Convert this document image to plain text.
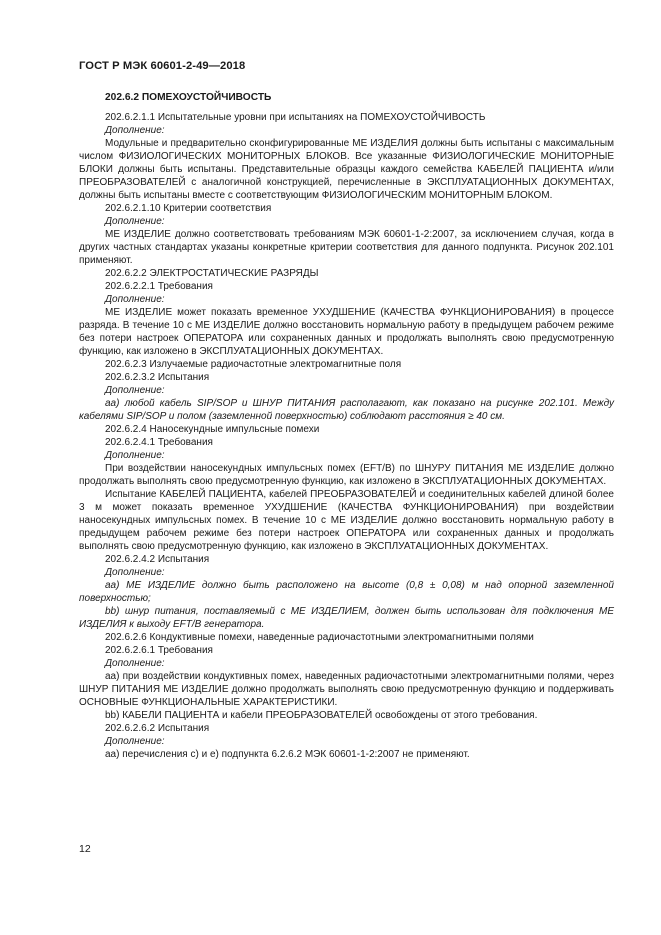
ГОСТ Р МЭК 60601-2-49—2018
202.6.2 ПОМЕХОУСТОЙЧИВОСТЬ

202.6.2.1.1 Испытательные уровни при испытаниях на ПОМЕХОУСТОЙЧИВОСТЬ

Дополнение:

Модульные и предварительно сконфигурированные МЕ ИЗДЕЛИЯ должны быть испытаны с максимальным числом ФИЗИОЛОГИЧЕСКИХ МОНИТОРНЫХ БЛОКОВ. Все указанные ФИЗИОЛОГИЧЕСКИЕ МОНИТОРНЫЕ БЛОКИ должны быть испытаны. Представительные образцы каждого семейства КАБЕЛЕЙ ПАЦИЕНТА и/или ПРЕОБРАЗОВАТЕЛЕЙ с аналогичной конструкцией, перечисленные в ЭКСПЛУАТАЦИОННЫХ ДОКУМЕНТАХ, должны быть испытаны вместе с соответствующим ФИЗИОЛОГИЧЕСКИМ МОНИТОРНЫМ БЛОКОМ.

202.6.2.1.10 Критерии соответствия

Дополнение:

МЕ ИЗДЕЛИЕ должно соответствовать требованиям МЭК 60601-1-2:2007, за исключением случая, когда в других частных стандартах указаны конкретные критерии соответствия для данного подпункта. Рисунок 202.101 применяют.

202.6.2.2 ЭЛЕКТРОСТАТИЧЕСКИЕ РАЗРЯДЫ

202.6.2.2.1 Требования

Дополнение:

МЕ ИЗДЕЛИЕ может показать временное УХУДШЕНИЕ (КАЧЕСТВА ФУНКЦИОНИРОВАНИЯ) в процессе разряда. В течение 10 с МЕ ИЗДЕЛИЕ должно восстановить нормальную работу в предыдущем рабочем режиме без потери настроек ОПЕРАТОРА или сохраненных данных и продолжать выполнять свою предусмотренную функцию, как изложено в ЭКСПЛУАТАЦИОННЫХ ДОКУМЕНТАХ.

202.6.2.3 Излучаемые радиочастотные электромагнитные поля

202.6.2.3.2 Испытания

Дополнение:

аа) любой кабель SIP/SOP и ШНУР ПИТАНИЯ располагают, как показано на рисунке 202.101. Между кабелями SIP/SOP и полом (заземленной поверхностью) соблюдают расстояния ≥ 40 см.

202.6.2.4 Наносекундные импульсные помехи

202.6.2.4.1 Требования

Дополнение:

При воздействии наносекундных импульсных помех (EFT/B) по ШНУРУ ПИТАНИЯ МЕ ИЗДЕЛИЕ должно продолжать выполнять свою предусмотренную функцию, как изложено в ЭКСПЛУАТАЦИОННЫХ ДОКУМЕНТАХ.

Испытание КАБЕЛЕЙ ПАЦИЕНТА, кабелей ПРЕОБРАЗОВАТЕЛЕЙ и соединительных кабелей длиной более 3 м может показать временное УХУДШЕНИЕ (КАЧЕСТВА ФУНКЦИОНИРОВАНИЯ) при воздействии наносекундных импульсных помех. В течение 10 с МЕ ИЗДЕЛИЕ должно восстановить нормальную работу в предыдущем рабочем режиме без потери настроек ОПЕРАТОРА или сохраненных данных и продолжать выполнять свою предусмотренную функцию, как изложено в ЭКСПЛУАТАЦИОННЫХ ДОКУМЕНТАХ.

202.6.2.4.2 Испытания

Дополнение:

аа) МЕ ИЗДЕЛИЕ должно быть расположено на высоте (0,8 ± 0,08) м над опорной заземленной поверхностью;

bb) шнур питания, поставляемый с МЕ ИЗДЕЛИЕМ, должен быть использован для подключения МЕ ИЗДЕЛИЯ к выходу EFT/B генератора.

202.6.2.6 Кондуктивные помехи, наведенные радиочастотными электромагнитными полями

202.6.2.6.1 Требования

Дополнение:

аа) при воздействии кондуктивных помех, наведенных радиочастотными электромагнитными полями, через ШНУР ПИТАНИЯ МЕ ИЗДЕЛИЕ должно продолжать выполнять свою предусмотренную функцию и поддерживать ОСНОВНЫЕ ФУНКЦИОНАЛЬНЫЕ ХАРАКТЕРИСТИКИ.

bb) КАБЕЛИ ПАЦИЕНТА и кабели ПРЕОБРАЗОВАТЕЛЕЙ освобождены от этого требования.

202.6.2.6.2 Испытания

Дополнение:

аа) перечисления с) и е) подпункта 6.2.6.2 МЭК 60601-1-2:2007 не применяют.

12
